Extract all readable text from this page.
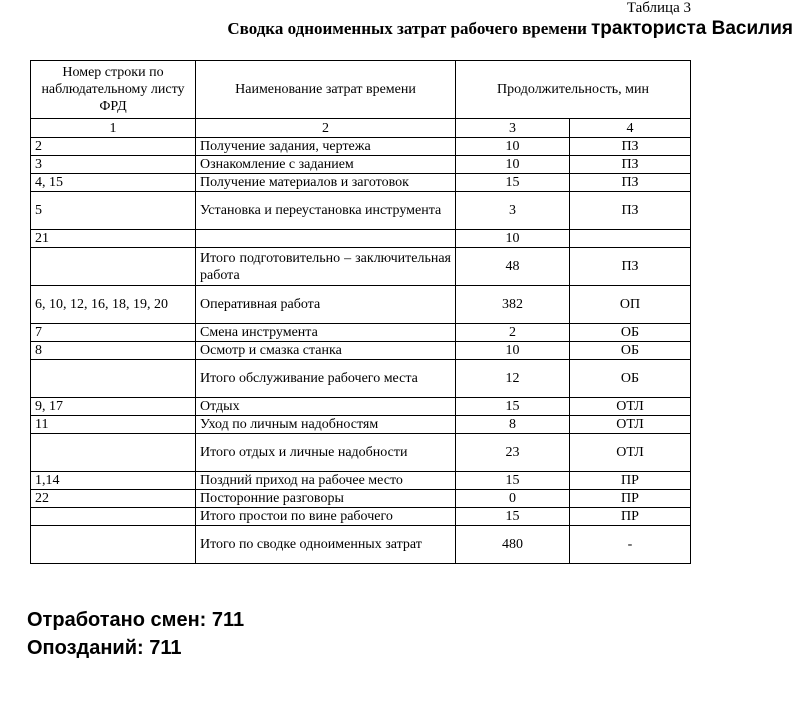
Таблица 3
Сводка одноименных затрат рабочего времени тракториста Василия
Номер строки по наблюдательному листу ФРД	Наименование затрат времени	Продолжительность, мин	
1	2	3	4
2	Получение задания, чертежа	10	ПЗ
3	Ознакомление с заданием	10	ПЗ
4, 15	Получение материалов и заготовок	15	ПЗ
5	Установка и переустановка инструмента	3	ПЗ
21		10	
	Итого подготовительно – заключительная работа	48	ПЗ
6, 10, 12, 16, 18, 19, 20	Оперативная работа	382	ОП
7	Смена инструмента	2	ОБ
8	Осмотр и смазка станка	10	ОБ
	Итого обслуживание рабочего места	12	ОБ
9, 17	Отдых	15	ОТЛ
11	Уход по личным надобностям	8	ОТЛ
	Итого отдых и личные надобности	23	ОТЛ
1,14	Поздний приход на рабочее место	15	ПР
22	Посторонние разговоры	0	ПР
	Итого простои по вине рабочего	15	ПР
	Итого по сводке одноименных затрат	480	-
Отработано смен: 711
Опозданий: 711
